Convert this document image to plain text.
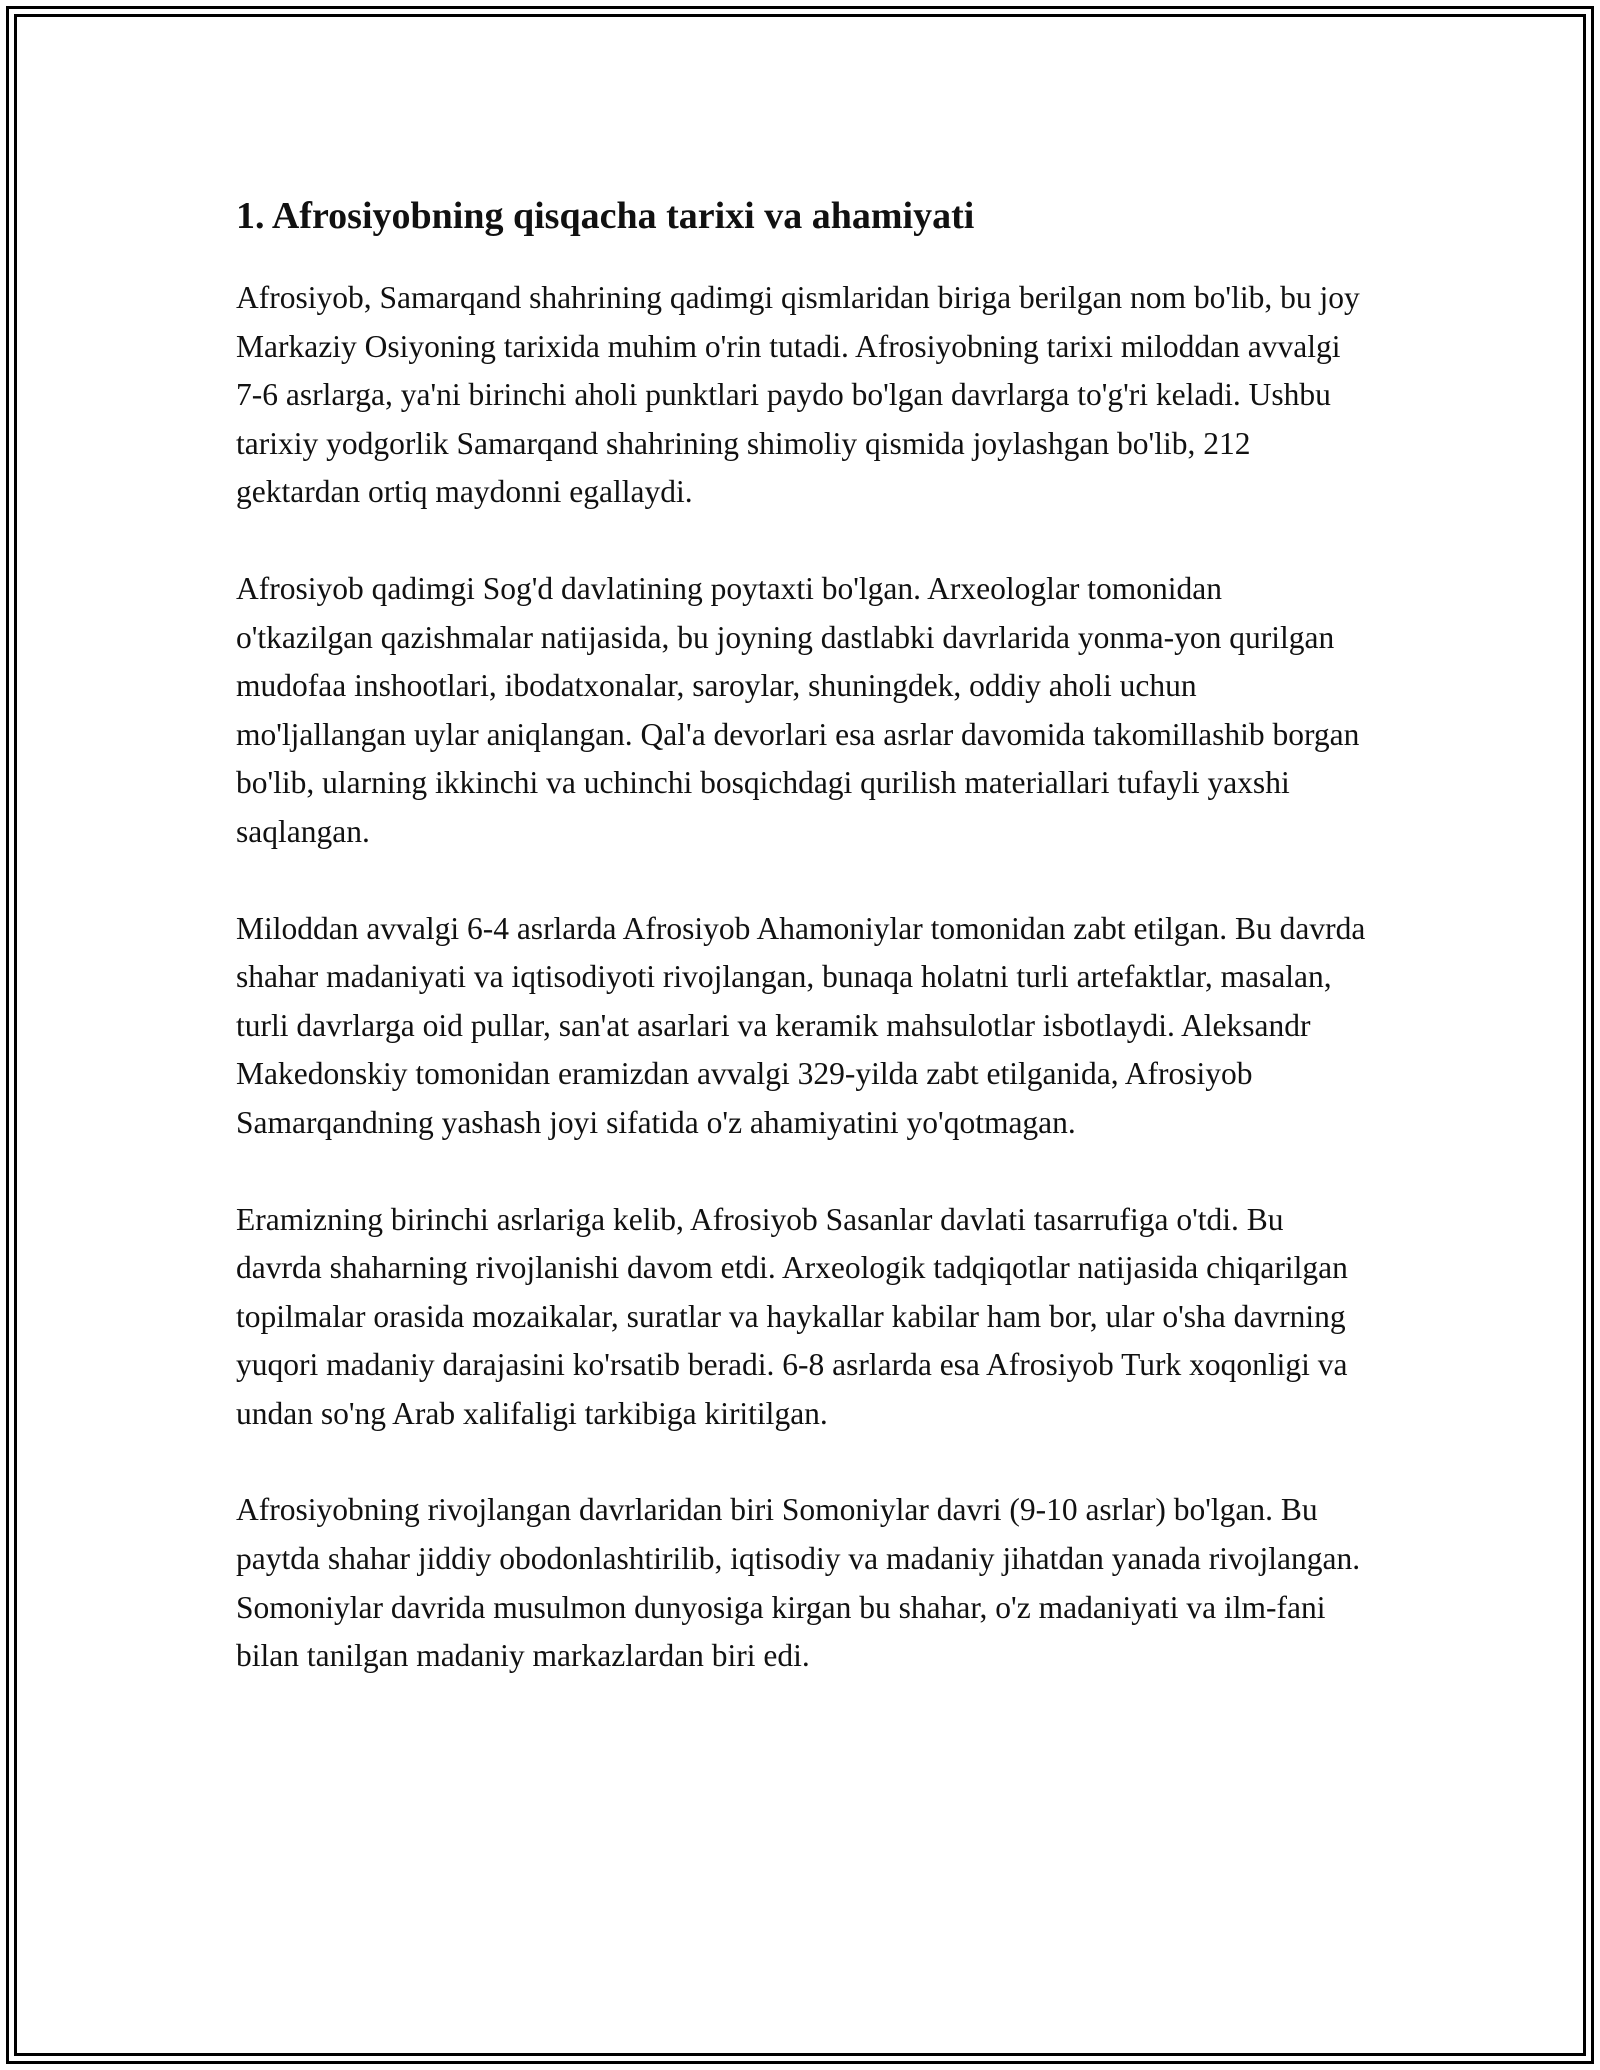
1. Afrosiyobning qisqacha tarixi va ahamiyati

Afrosiyob, Samarqand shahrining qadimgi qismlaridan biriga berilgan nom bo'lib, bu joy Markaziy Osiyoning tarixida muhim o'rin tutadi. Afrosiyobning tarixi miloddan avvalgi 7-6 asrlarga, ya'ni birinchi aholi punktlari paydo bo'lgan davrlarga to'g'ri keladi. Ushbu tarixiy yodgorlik Samarqand shahrining shimoliy qismida joylashgan bo'lib, 212 gektardan ortiq maydonni egallaydi.

Afrosiyob qadimgi Sog'd davlatining poytaxti bo'lgan. Arxeologlar tomonidan o'tkazilgan qazishmalar natijasida, bu joyning dastlabki davrlarida yonma-yon qurilgan mudofaa inshootlari, ibodatxonalar, saroylar, shuningdek, oddiy aholi uchun mo'ljallangan uylar aniqlangan. Qal'a devorlari esa asrlar davomida takomillashib borgan bo'lib, ularning ikkinchi va uchinchi bosqichdagi qurilish materiallari tufayli yaxshi saqlangan.

Miloddan avvalgi 6-4 asrlarda Afrosiyob Ahamoniylar tomonidan zabt etilgan. Bu davrda shahar madaniyati va iqtisodiyoti rivojlangan, bunaqa holatni turli artefaktlar, masalan, turli davrlarga oid pullar, san'at asarlari va keramik mahsulotlar isbotlaydi. Aleksandr Makedonskiy tomonidan eramizdan avvalgi 329-yilda zabt etilganida, Afrosiyob Samarqandning yashash joyi sifatida o'z ahamiyatini yo'qotmagan.

Eramizning birinchi asrlariga kelib, Afrosiyob Sasanlar davlati tasarrufiga o'tdi. Bu davrda shaharning rivojlanishi davom etdi. Arxeologik tadqiqotlar natijasida chiqarilgan topilmalar orasida mozaikalar, suratlar va haykallar kabilar ham bor, ular o'sha davrning yuqori madaniy darajasini ko'rsatib beradi. 6-8 asrlarda esa Afrosiyob Turk xoqonligi va undan so'ng Arab xalifaligi tarkibiga kiritilgan.

Afrosiyobning rivojlangan davrlaridan biri Somoniylar davri (9-10 asrlar) bo'lgan. Bu paytda shahar jiddiy obodonlashtirilib, iqtisodiy va madaniy jihatdan yanada rivojlangan. Somoniylar davrida musulmon dunyosiga kirgan bu shahar, o'z madaniyati va ilm-fani bilan tanilgan madaniy markazlardan biri edi.
